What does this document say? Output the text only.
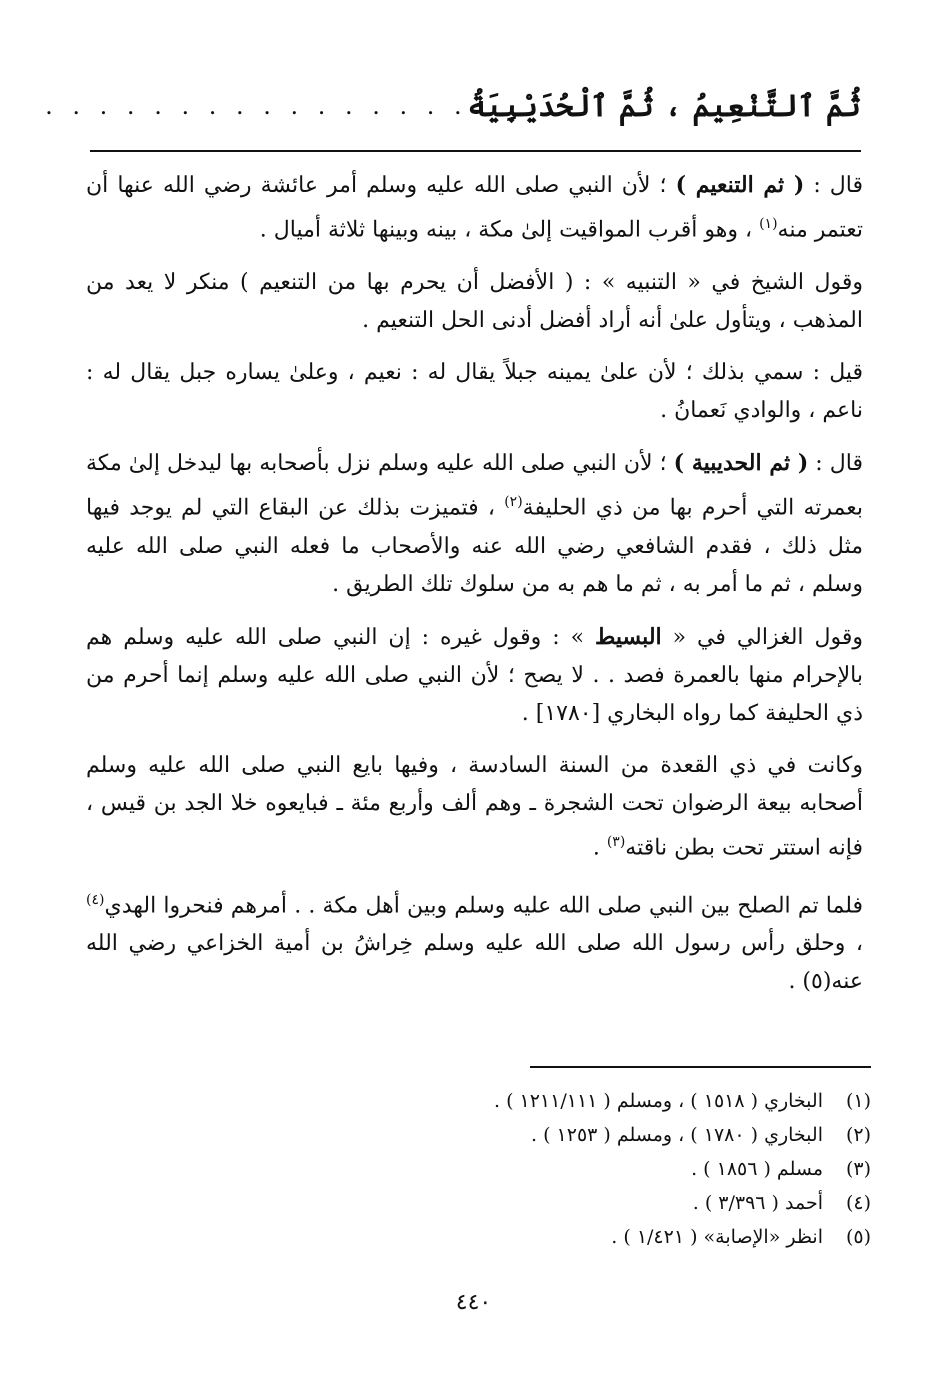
ثُمَّ ٱلتَّنْعِيمُ ، ثُمَّ ٱلْحُدَيْبِيَةُ
. . . . . . . . . . . . . . . .

قال : ( ثم التنعيم ) ؛ لأن النبي صلى الله عليه وسلم أمر عائشة رضي الله عنها أن تعتمر منه$^{(١)}$ ، وهو أقرب المواقيت إلىٰ مكة ، بينه وبينها ثلاثة أميال .

وقول الشيخ في « التنبيه » : ( الأفضل أن يحرم بها من التنعيم ) منكر لا يعد من المذهب ، ويتأول علىٰ أنه أراد أفضل أدنى الحل التنعيم .

قيل : سمي بذلك ؛ لأن علىٰ يمينه جبلاً يقال له : نعيم ، وعلىٰ يساره جبل يقال له : ناعم ، والوادي نَعمانُ .

قال : ( ثم الحديبية ) ؛ لأن النبي صلى الله عليه وسلم نزل بأصحابه بها ليدخل إلىٰ مكة بعمرته التي أحرم بها من ذي الحليفة$^{(٢)}$ ، فتميزت بذلك عن البقاع التي لم يوجد فيها مثل ذلك ، فقدم الشافعي رضي الله عنه والأصحاب ما فعله النبي صلى الله عليه وسلم ، ثم ما أمر به ، ثم ما هم به من سلوك تلك الطريق .

وقول الغزالي في « البسيط » : وقول غيره : إن النبي صلى الله عليه وسلم هم بالإحرام منها بالعمرة فصد . . لا يصح ؛ لأن النبي صلى الله عليه وسلم إنما أحرم من ذي الحليفة كما رواه البخاري [١٧٨٠] .

وكانت في ذي القعدة من السنة السادسة ، وفيها بايع النبي صلى الله عليه وسلم أصحابه بيعة الرضوان تحت الشجرة ـ وهم ألف وأربع مئة ـ فبايعوه خلا الجد بن قيس ، فإنه استتر تحت بطن ناقته$^{(٣)}$ .

فلما تم الصلح بين النبي صلى الله عليه وسلم وبين أهل مكة . . أمرهم فنحروا الهدي$^{(٤)}$ ، وحلق رأس رسول الله صلى الله عليه وسلم خِراشُ بن أمية الخزاعي رضي الله عنه(٥) .

(١)
البخاري ( ١٥١٨ ) ، ومسلم ( ١٢١١/١١١ ) .
(٢)
البخاري ( ١٧٨٠ ) ، ومسلم ( ١٢٥٣ ) .
(٣)
مسلم ( ١٨٥٦ ) .
(٤)
أحمد ( ٣/٣٩٦ ) .
(٥)
انظر «الإصابة» ( ١/٤٢١ ) .
٤٤٠
